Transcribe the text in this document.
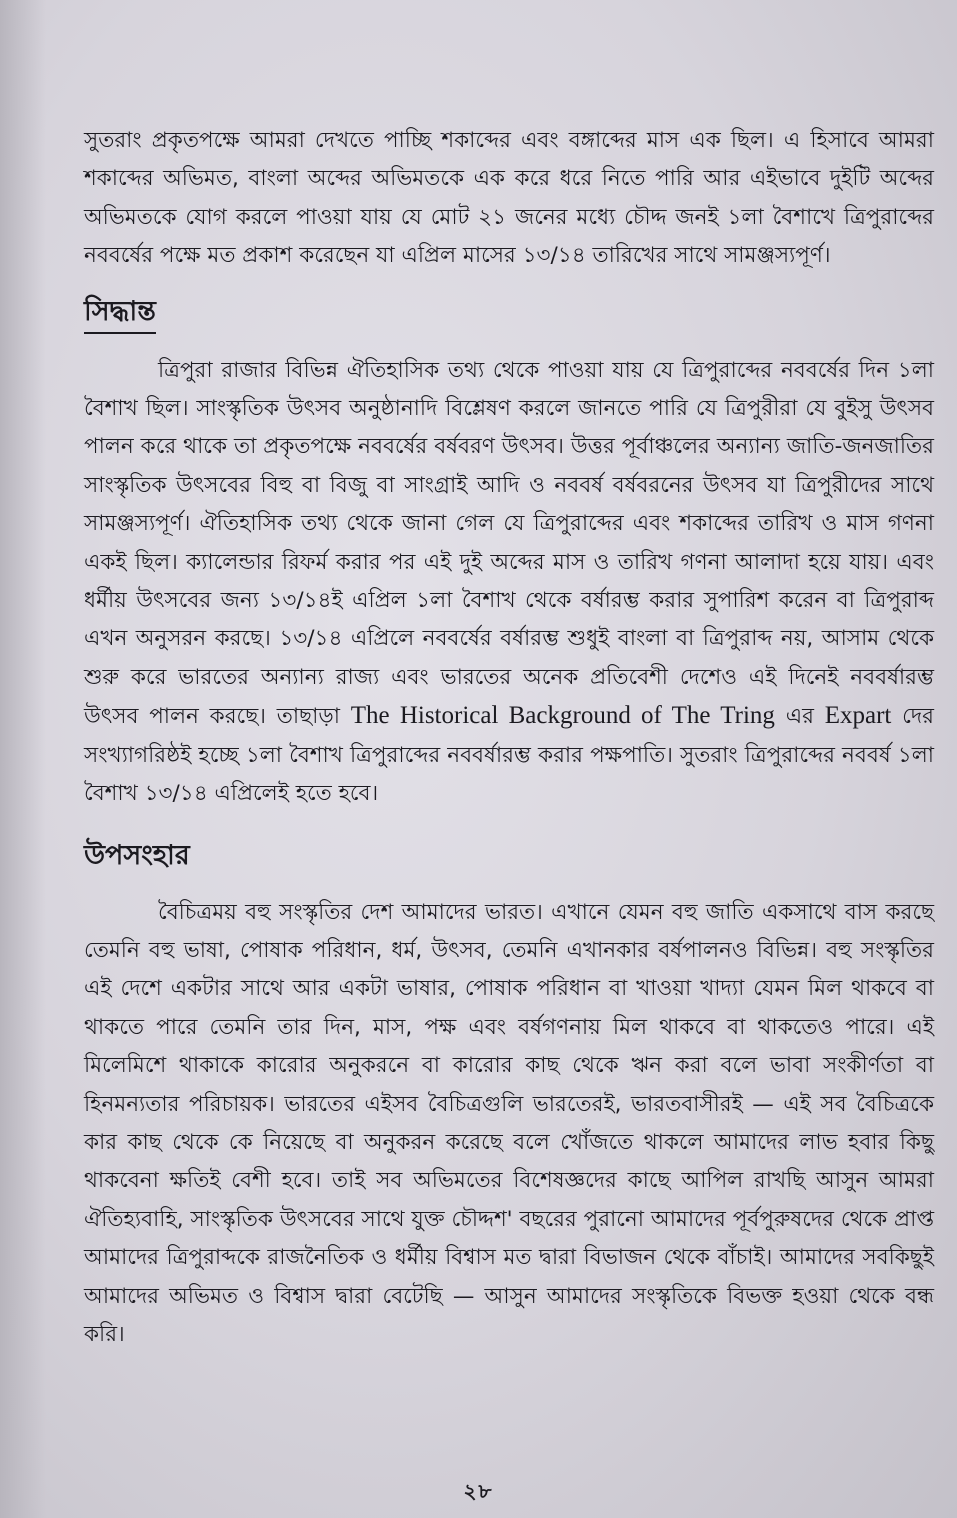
সুতরাং প্রকৃতপক্ষে আমরা দেখতে পাচ্ছি শকাব্দের এবং বঙ্গাব্দের মাস এক ছিল। এ হিসাবে আমরা শকাব্দের অভিমত, বাংলা অব্দের অভিমতকে এক করে ধরে নিতে পারি আর এইভাবে দুইটি অব্দের অভিমতকে যোগ করলে পাওয়া যায় যে মোট ২১ জনের মধ্যে চৌদ্দ জনই ১লা বৈশাখে ত্রিপুরাব্দের নববর্ষের পক্ষে মত প্রকাশ করেছেন যা এপ্রিল মাসের ১৩/১৪ তারিখের সাথে সামঞ্জস্যপূর্ণ।

সিদ্ধান্ত

ত্রিপুরা রাজার বিভিন্ন ঐতিহাসিক তথ্য থেকে পাওয়া যায় যে ত্রিপুরাব্দের নববর্ষের দিন ১লা বৈশাখ ছিল। সাংস্কৃতিক উৎসব অনুষ্ঠানাদি বিশ্লেষণ করলে জানতে পারি যে ত্রিপুরীরা যে বুইসু উৎসব পালন করে থাকে তা প্রকৃতপক্ষে নববর্ষের বর্ষবরণ উৎসব। উত্তর পূর্বাঞ্চলের অন্যান্য জাতি-জনজাতির সাংস্কৃতিক উৎসবের বিহু বা বিজু বা সাংগ্রাই আদি ও নববর্ষ বর্ষবরনের উৎসব যা ত্রিপুরীদের সাথে সামঞ্জস্যপূর্ণ। ঐতিহাসিক তথ্য থেকে জানা গেল যে ত্রিপুরাব্দের এবং শকাব্দের তারিখ ও মাস গণনা একই ছিল। ক্যালেন্ডার রিফর্ম করার পর এই দুই অব্দের মাস ও তারিখ গণনা আলাদা হয়ে যায়। এবং ধর্মীয় উৎসবের জন্য ১৩/১৪ই এপ্রিল ১লা বৈশাখ থেকে বর্ষারম্ভ করার সুপারিশ করেন বা ত্রিপুরাব্দ এখন অনুসরন করছে। ১৩/১৪ এপ্রিলে নববর্ষের বর্ষারম্ভ শুধুই বাংলা বা ত্রিপুরাব্দ নয়, আসাম থেকে শুরু করে ভারতের অন্যান্য রাজ্য এবং ভারতের অনেক প্রতিবেশী দেশেও এই দিনেই নববর্ষারম্ভ উৎসব পালন করছে। তাছাড়া The Historical Background of The Tring এর Expart দের সংখ্যাগরিষ্ঠই হচ্ছে ১লা বৈশাখ ত্রিপুরাব্দের নববর্ষারম্ভ করার পক্ষপাতি। সুতরাং ত্রিপুরাব্দের নববর্ষ ১লা বৈশাখ ১৩/১৪ এপ্রিলেই হতে হবে।

উপসংহার

বৈচিত্রময় বহু সংস্কৃতির দেশ আমাদের ভারত। এখানে যেমন বহু জাতি একসাথে বাস করছে তেমনি বহু ভাষা, পোষাক পরিধান, ধর্ম, উৎসব, তেমনি এখানকার বর্ষপালনও বিভিন্ন। বহু সংস্কৃতির এই দেশে একটার সাথে আর একটা ভাষার, পোষাক পরিধান বা খাওয়া খাদ্যা যেমন মিল থাকবে বা থাকতে পারে তেমনি তার দিন, মাস, পক্ষ এবং বর্ষগণনায় মিল থাকবে বা থাকতেও পারে। এই মিলেমিশে থাকাকে কারোর অনুকরনে বা কারোর কাছ থেকে ঋন করা বলে ভাবা সংকীর্ণতা বা হিনমন্যতার পরিচায়ক। ভারতের এইসব বৈচিত্রগুলি ভারতেরই, ভারতবাসীরই — এই সব বৈচিত্রকে কার কাছ থেকে কে নিয়েছে বা অনুকরন করেছে বলে খোঁজতে থাকলে আমাদের লাভ হবার কিছু থাকবেনা ক্ষতিই বেশী হবে। তাই সব অভিমতের বিশেষজ্ঞদের কাছে আপিল রাখছি আসুন আমরা ঐতিহ্যবাহি, সাংস্কৃতিক উৎসবের সাথে যুক্ত চৌদ্দশ' বছরের পুরানো আমাদের পূর্বপুরুষদের থেকে প্রাপ্ত আমাদের ত্রিপুরাব্দকে রাজনৈতিক ও ধর্মীয় বিশ্বাস মত দ্বারা বিভাজন থেকে বাঁচাই। আমাদের সবকিছুই আমাদের অভিমত ও বিশ্বাস দ্বারা বেটেছি — আসুন আমাদের সংস্কৃতিকে বিভক্ত হওয়া থেকে বন্ধ করি।

২৮
